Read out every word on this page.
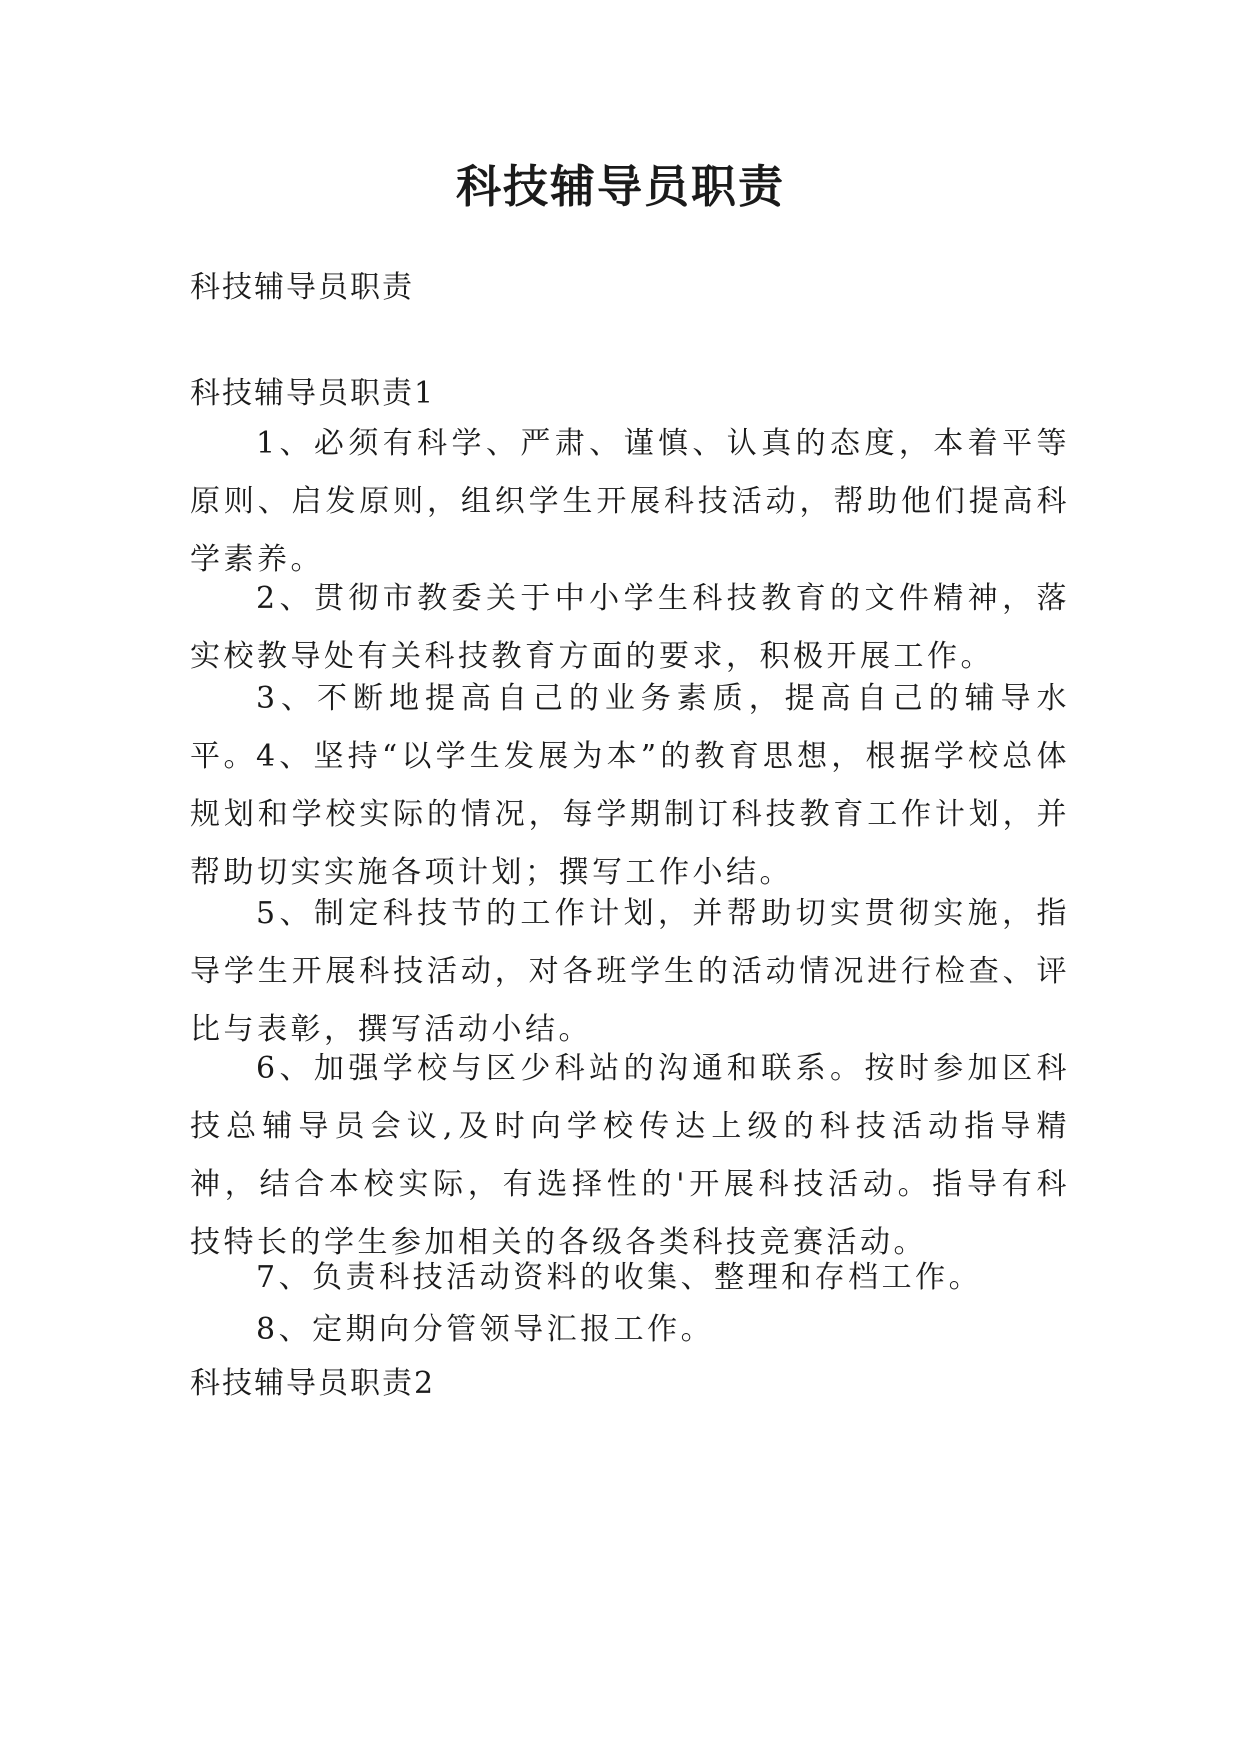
科技辅导员职责

科技辅导员职责

科技辅导员职责1

1、必须有科学、严肃、谨慎、认真的态度，本着平等原则、启发原则，组织学生开展科技活动，帮助他们提高科学素养。

2、贯彻市教委关于中小学生科技教育的文件精神，落实校教导处有关科技教育方面的要求，积极开展工作。

3、不断地提高自己的业务素质，提高自己的辅导水平。 4、坚持“以学生发展为本”的教育思想，根据学校总体规划和学校实际的情况，每学期制订科技教育工作计划，并帮助切实实施各项计划；撰写工作小结。

5、制定科技节的工作计划，并帮助切实贯彻实施，指导学生开展科技活动，对各班学生的活动情况进行检查、评比与表彰，撰写活动小结。

6、加强学校与区少科站的沟通和联系。按时参加区科技总辅导员会议,及时向学校传达上级的科技活动指导精神，结合本校实际，有选择性的'开展科技活动。指导有科技特长的学生参加相关的各级各类科技竞赛活动。

7、负责科技活动资料的收集、整理和存档工作。

8、定期向分管领导汇报工作。

科技辅导员职责2
